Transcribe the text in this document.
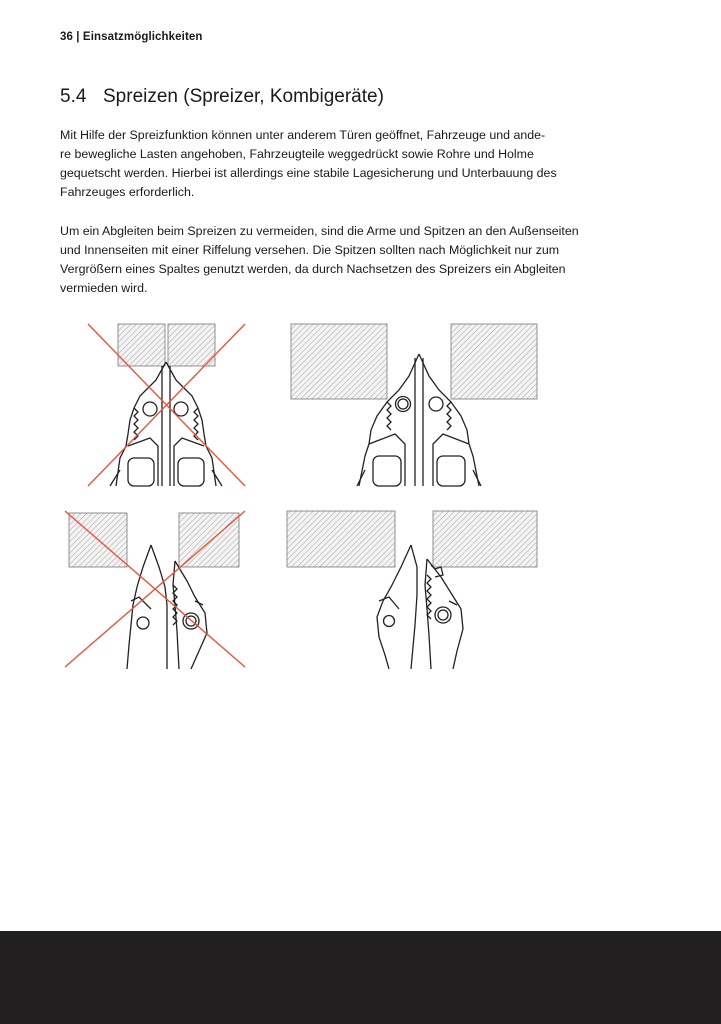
36 | Einsatzmöglichkeiten
5.4 Spreizen (Spreizer, Kombigeräte)

Mit Hilfe der Spreizfunktion können unter anderem Türen geöffnet, Fahrzeuge und ande-
re bewegliche Lasten angehoben, Fahrzeugteile weggedrückt sowie Rohre und Holme
gequetscht werden. Hierbei ist allerdings eine stabile Lagesicherung und Unterbauung des
Fahrzeuges erforderlich.

Um ein Abgleiten beim Spreizen zu vermeiden, sind die Arme und Spitzen an den Außenseiten
und Innenseiten mit einer Riffelung versehen. Die Spitzen sollten nach Möglichkeit nur zum
Vergrößern eines Spaltes genutzt werden, da durch Nachsetzen des Spreizers ein Abgleiten
vermieden wird.
